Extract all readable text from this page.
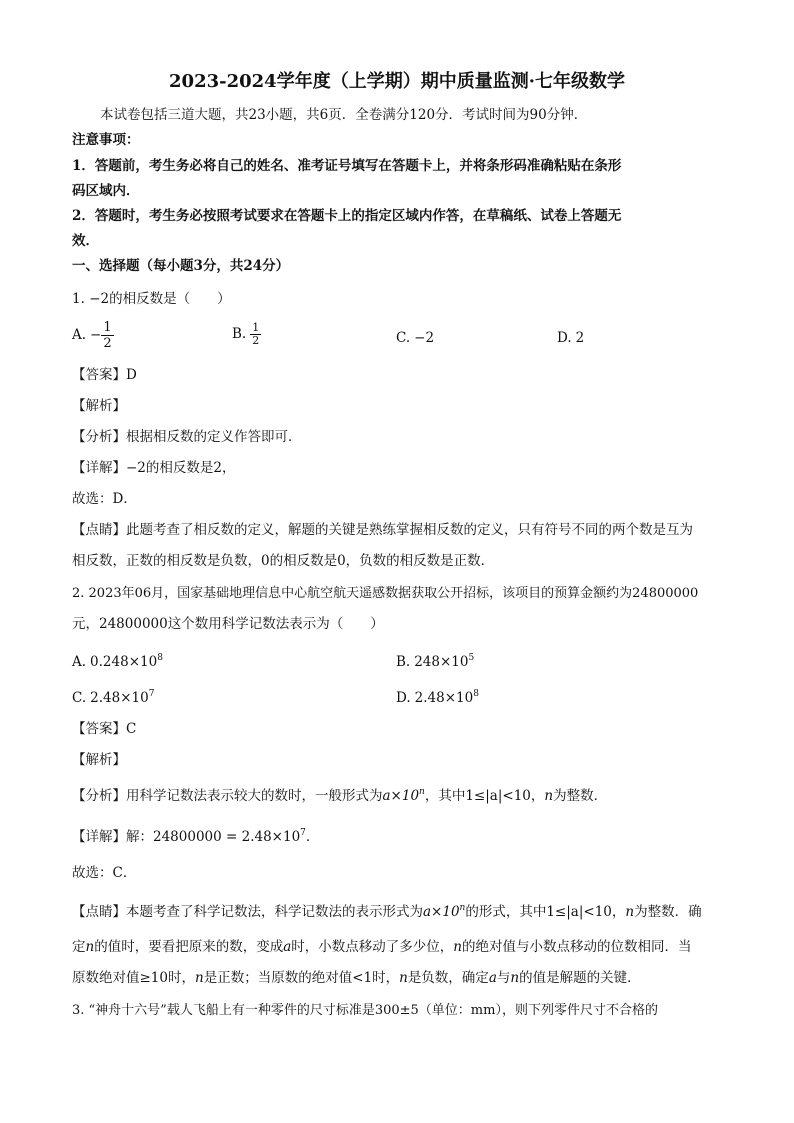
2023-2024学年度（上学期）期中质量监测·七年级数学
本试卷包括三道大题，共23小题，共6页．全卷满分120分．考试时间为90分钟．
注意事项：
1．答题前，考生务必将自己的姓名、准考证号填写在答题卡上，并将条形码准确粘贴在条形
码区域内．
2．答题时，考生务必按照考试要求在答题卡上的指定区域内作答，在草稿纸、试卷上答题无
效．
一、选择题（每小题3分，共24分）
1. −2的相反数是（　　）
A. − $\frac{1}{2}$	B. $\frac{1}{2}$	C. −2	D. 2
【答案】D
【解析】
【分析】根据相反数的定义作答即可．
【详解】−2的相反数是2，
故选：D．
【点睛】此题考查了相反数的定义，解题的关键是熟练掌握相反数的定义，只有符号不同的两个数是互为
相反数，正数的相反数是负数，0的相反数是0，负数的相反数是正数．
2. 2023年06月，国家基础地理信息中心航空航天遥感数据获取公开招标，该项目的预算金额约为24800000
元，24800000这个数用科学记数法表示为（　　）
A. $0.248\times 10^8$	B. $248\times 10^5$
C. $2.48\times 10^7$	D. $2.48\times 10^8$
【答案】C
【解析】
【分析】用科学记数法表示较大的数时，一般形式为$a\times 10^n$，其中1≤|a|<10，n为整数．
【详解】解：$24800000 = 2.48\times 10^7$．
故选：C．
【点睛】本题考查了科学记数法，科学记数法的表示形式为$a\times 10^n$的形式，其中1≤|a|<10，n为整数．确
定n的值时，要看把原来的数，变成a时，小数点移动了多少位，n的绝对值与小数点移动的位数相同．当
原数绝对值≥10时，n是正数；当原数的绝对值<1时，n是负数，确定a与n的值是解题的关键．
3. “神舟十六号”载人飞船上有一种零件的尺寸标准是300±5（单位：mm），则下列零件尺寸不合格的
